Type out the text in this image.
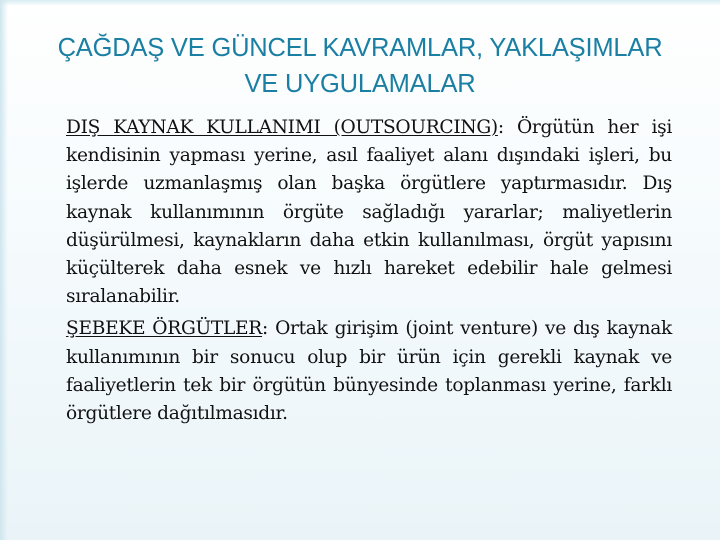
ÇAĞDAŞ VE GÜNCEL KAVRAMLAR, YAKLAŞIMLAR
VE UYGULAMALAR

DIŞ KAYNAK KULLANIMI (OUTSOURCING): Örgütün her işi kendisinin yapması yerine, asıl faaliyet alanı dışındaki işleri, bu işlerde uzmanlaşmış olan başka örgütlere yaptırmasıdır. Dış kaynak kullanımının örgüte sağladığı yararlar; maliyetlerin düşürülmesi, kaynakların daha etkin kullanılması, örgüt yapısını küçülterek daha esnek ve hızlı hareket edebilir hale gelmesi sıralanabilir.

ŞEBEKE ÖRGÜTLER: Ortak girişim (joint venture) ve dış kaynak kullanımının bir sonucu olup bir ürün için gerekli kaynak ve faaliyetlerin tek bir örgütün bünyesinde toplanması yerine, farklı örgütlere dağıtılmasıdır.
